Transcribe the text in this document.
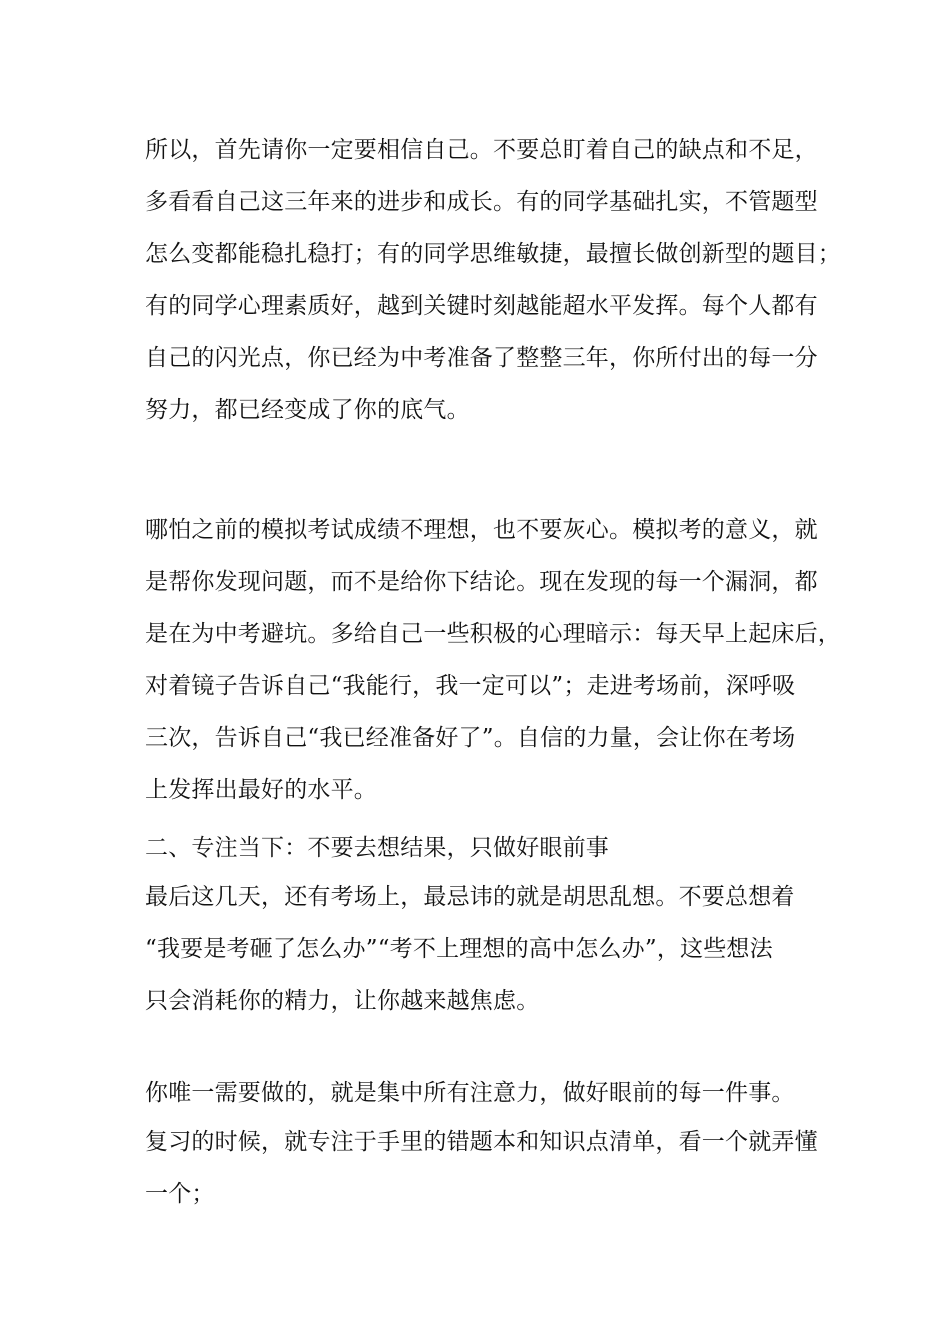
所以，首先请你一定要相信自己。不要总盯着自己的缺点和不足，
多看看自己这三年来的进步和成长。有的同学基础扎实，不管题型
怎么变都能稳扎稳打；有的同学思维敏捷，最擅长做创新型的题目；
有的同学心理素质好，越到关键时刻越能超水平发挥。每个人都有
自己的闪光点，你已经为中考准备了整整三年，你所付出的每一分
努力，都已经变成了你的底气。
哪怕之前的模拟考试成绩不理想，也不要灰心。模拟考的意义，就
是帮你发现问题，而不是给你下结论。现在发现的每一个漏洞，都
是在为中考避坑。多给自己一些积极的心理暗示：每天早上起床后，
对着镜子告诉自己“我能行，我一定可以”；走进考场前，深呼吸
三次，告诉自己“我已经准备好了”。自信的力量，会让你在考场
上发挥出最好的水平。
二、专注当下：不要去想结果，只做好眼前事
最后这几天，还有考场上，最忌讳的就是胡思乱想。不要总想着
“我要是考砸了怎么办”“考不上理想的高中怎么办”，这些想法
只会消耗你的精力，让你越来越焦虑。
你唯一需要做的，就是集中所有注意力，做好眼前的每一件事。
复习的时候，就专注于手里的错题本和知识点清单，看一个就弄懂
一个；
